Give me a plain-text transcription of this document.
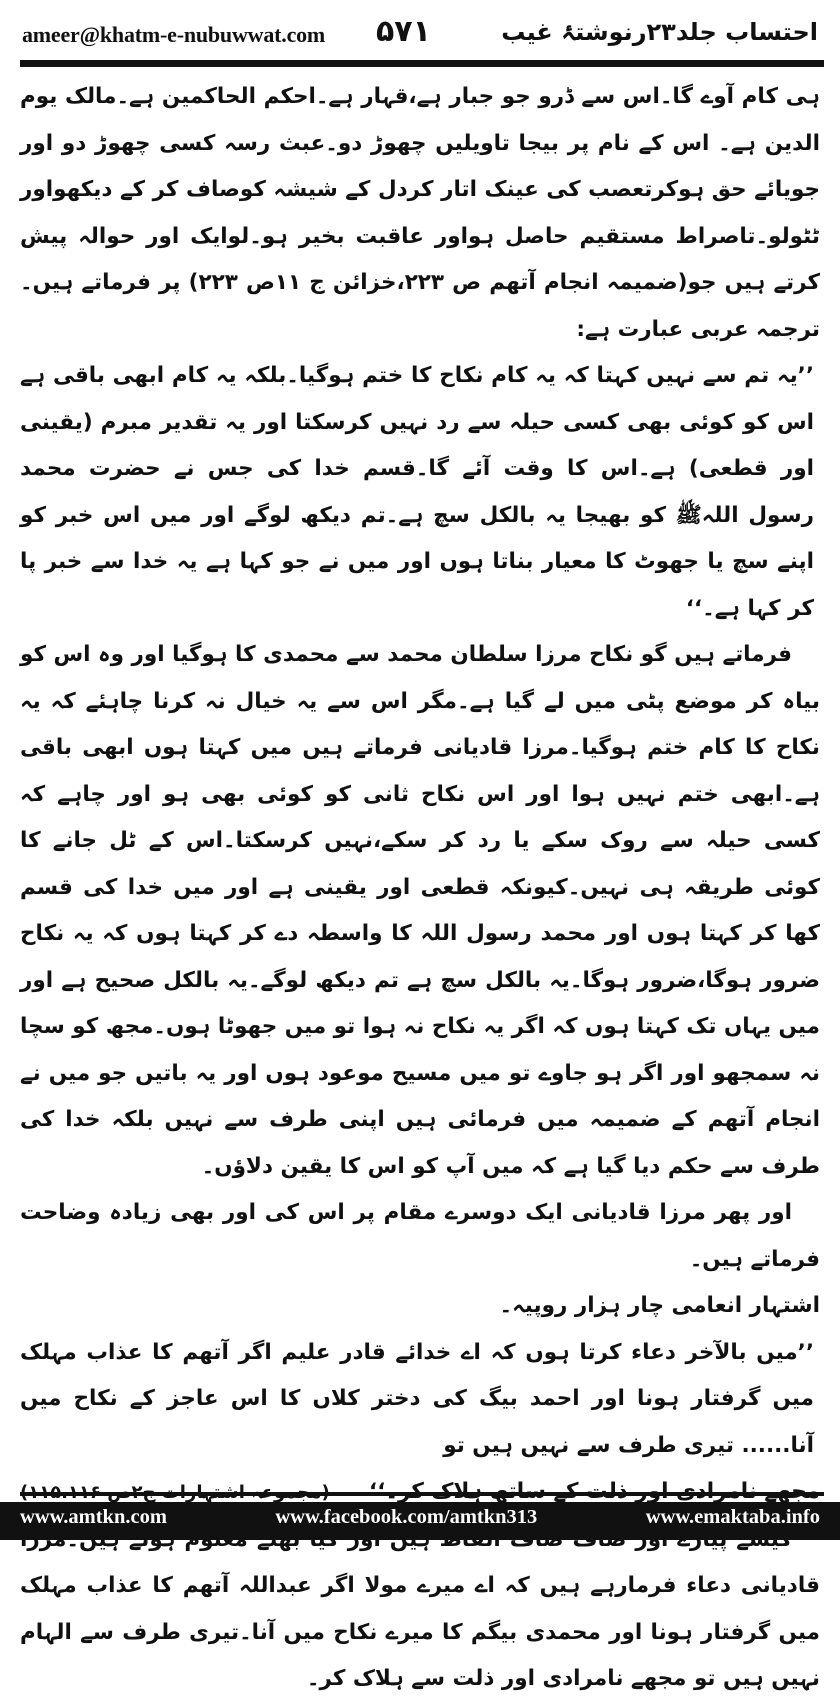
ameer@khatm-e-nubuwwat.com ۵۷۱	احتساب جلد۲۳رنوشتۂ غیب

ہی کام آوے گا۔اس سے ڈرو جو جبار ہے،قہار ہے۔احکم الحاکمین ہے۔مالک یوم الدین ہے۔ اس کے نام پر بیجا تاویلیں چھوڑ دو۔عبث رسہ کسی چھوڑ دو اور جویائے حق ہوکرتعصب کی عینک اتار کردل کے شیشہ کوصاف کر کے دیکھواور ٹٹولو۔تاصراط مستقیم حاصل ہواور عاقبت بخیر ہو۔لوایک اور حوالہ پیش کرتے ہیں جو(ضمیمہ انجام آتھم ص ۲۲۳،خزائن ج ۱۱ص ۲۲۳) پر فرماتے ہیں۔ترجمہ عربی عبارت ہے:

’’یہ تم سے نہیں کہتا کہ یہ کام نکاح کا ختم ہوگیا۔بلکہ یہ کام ابھی باقی ہے اس کو کوئی بھی کسی حیلہ سے رد نہیں کرسکتا اور یہ تقدیر مبرم (یقینی اور قطعی) ہے۔اس کا وقت آئے گا۔قسم خدا کی جس نے حضرت محمد رسول اللہﷺ کو بھیجا یہ بالکل سچ ہے۔تم دیکھ لوگے اور میں اس خبر کو اپنے سچ یا جھوٹ کا معیار بناتا ہوں اور میں نے جو کہا ہے یہ خدا سے خبر پا کر کہا ہے۔‘‘

فرماتے ہیں گو نکاح مرزا سلطان محمد سے محمدی کا ہوگیا اور وہ اس کو بیاہ کر موضع پٹی میں لے گیا ہے۔مگر اس سے یہ خیال نہ کرنا چاہئے کہ یہ نکاح کا کام ختم ہوگیا۔مرزا قادیانی فرماتے ہیں میں کہتا ہوں ابھی باقی ہے۔ابھی ختم نہیں ہوا اور اس نکاح ثانی کو کوئی بھی ہو اور چاہے کہ کسی حیلہ سے روک سکے یا رد کر سکے،نہیں کرسکتا۔اس کے ٹل جانے کا کوئی طریقہ ہی نہیں۔کیونکہ قطعی اور یقینی ہے اور میں خدا کی قسم کھا کر کہتا ہوں اور محمد رسول اللہ کا واسطہ دے کر کہتا ہوں کہ یہ نکاح ضرور ہوگا،ضرور ہوگا۔یہ بالکل سچ ہے تم دیکھ لوگے۔یہ بالکل صحیح ہے اور میں یہاں تک کہتا ہوں کہ اگر یہ نکاح نہ ہوا تو میں جھوٹا ہوں۔مجھ کو سچا نہ سمجھو اور اگر ہو جاوے تو میں مسیح موعود ہوں اور یہ باتیں جو میں نے انجام آتھم کے ضمیمہ میں فرمائی ہیں اپنی طرف سے نہیں بلکہ خدا کی طرف سے حکم دیا گیا ہے کہ میں آپ کو اس کا یقین دلاؤں۔

اور پھر مرزا قادیانی ایک دوسرے مقام پر اس کی اور بھی زیادہ وضاحت فرماتے ہیں۔

اشتہار انعامی چار ہزار روپیہ۔

’’میں بالآخر دعاء کرتا ہوں کہ اے خدائے قادر علیم اگر آتھم کا عذاب مہلک میں گرفتار ہونا اور احمد بیگ کی دختر کلاں کا اس عاجز کے نکاح میں آنا...... تیری طرف سے نہیں ہیں تو

قادیانی دعاء فرمارہے ہیں کہ اے میرے مولا اگر عبداللہ آتھم کا عذاب مہلک میں گرفتار ہونا اور محمدی بیگم کا میرے نکاح میں آنا۔تیری طرف سے الہام نہیں ہیں تو مجھے نامرادی اور ذلت سے ہلاک کر۔

www.amtkn.com	www.facebook.com/amtkn313	www.emaktaba.info
